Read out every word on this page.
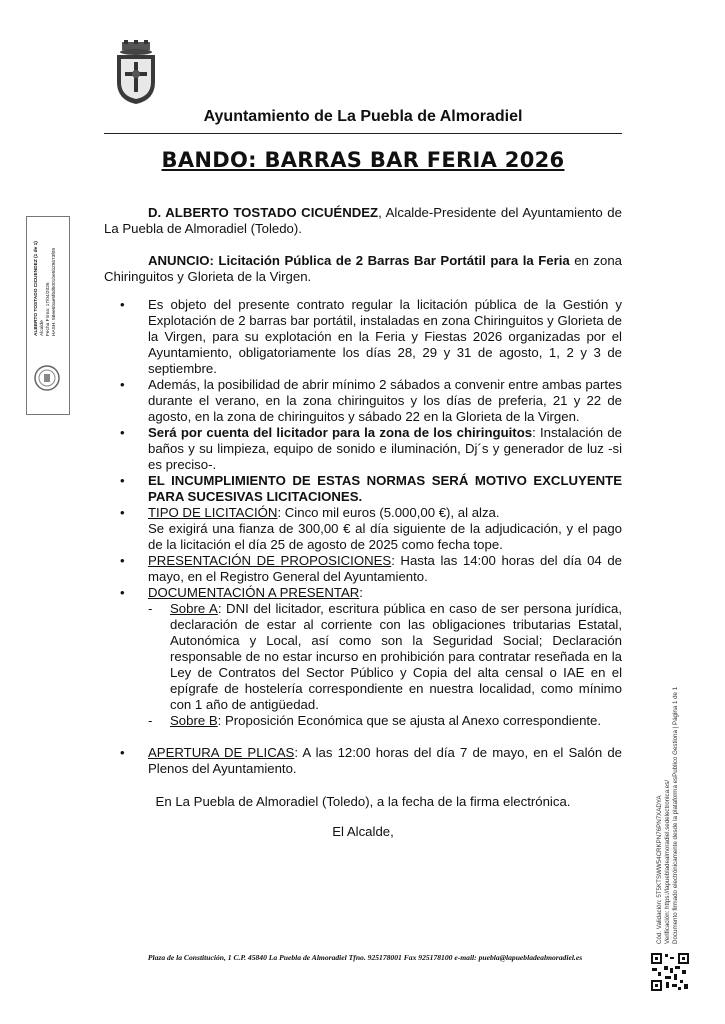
Ayuntamiento de La Puebla de Almoradiel
BANDO: BARRAS BAR FERIA 2026

D. ALBERTO TOSTADO CICUÉNDEZ, Alcalde-Presidente del Ayuntamiento de La Puebla de Almoradiel (Toledo).

ANUNCIO: Licitación Pública de 2 Barras Bar Portátil para la Feria en zona Chiringuitos y Glorieta de la Virgen.

• Es objeto del presente contrato regular la licitación pública de la Gestión y Explotación de 2 barras bar portátil, instaladas en zona Chiringuitos y Glorieta de la Virgen, para su explotación en la Feria y Fiestas 2026 organizadas por el Ayuntamiento, obligatoriamente los días 28, 29 y 31 de agosto, 1, 2 y 3 de septiembre.
• Además, la posibilidad de abrir mínimo 2 sábados a convenir entre ambas partes durante el verano, en la zona chiringuitos y los días de preferia, 21 y 22 de agosto, en la zona de chiringuitos y sábado 22 en la Glorieta de la Virgen.
• Será por cuenta del licitador para la zona de los chiringuitos: Instalación de baños y su limpieza, equipo de sonido e iluminación, Dj´s y generador de luz -si es preciso-.
• EL INCUMPLIMIENTO DE ESTAS NORMAS SERÁ MOTIVO EXCLUYENTE PARA SUCESIVAS LICITACIONES.
• TIPO DE LICITACIÓN: Cinco mil euros (5.000,00 €), al alza.
Se exigirá una fianza de 300,00 € al día siguiente de la adjudicación, y el pago de la licitación el día 25 de agosto de 2025 como fecha tope.
• PRESENTACIÓN DE PROPOSICIONES: Hasta las 14:00 horas del día 04 de mayo, en el Registro General del Ayuntamiento.
• DOCUMENTACIÓN A PRESENTAR:
- Sobre A: DNI del licitador, escritura pública en caso de ser persona jurídica, declaración de estar al corriente con las obligaciones tributarias Estatal, Autonómica y Local, así como son la Seguridad Social; Declaración responsable de no estar incurso en prohibición para contratar reseñada en la Ley de Contratos del Sector Público y Copia del alta censal o IAE en el epígrafe de hostelería correspondiente en nuestra localidad, como mínimo con 1 año de antigüedad.
- Sobre B: Proposición Económica que se ajusta al Anexo correspondiente.
• APERTURA DE PLICAS: A las 12:00 horas del día 7 de mayo, en el Salón de Plenos del Ayuntamiento.
En La Puebla de Almoradiel (Toledo), a la fecha de la firma electrónica.
El Alcalde,
Plaza de la Constitución, 1 C.P. 45840 La Puebla de Almoradiel Tfno. 925178001 Fax 925178100 e-mail: puebla@lapuebladealmoradiel.es
ALBERTO TOSTADO CICUENDEZ (1 de 1) Alcalde Fecha Firma: 17/04/2026 HASH: 58ee6bae5f6d5001be5b29673f09
Cód. Validación: 5T5KTSWW54CRKPN76PN7XADYA Verificación: https://lapuebladealmoradiel.sedelectronica.es/ Documento firmado electrónicamente desde la plataforma esPublico Gestiona | Página 1 de 1
